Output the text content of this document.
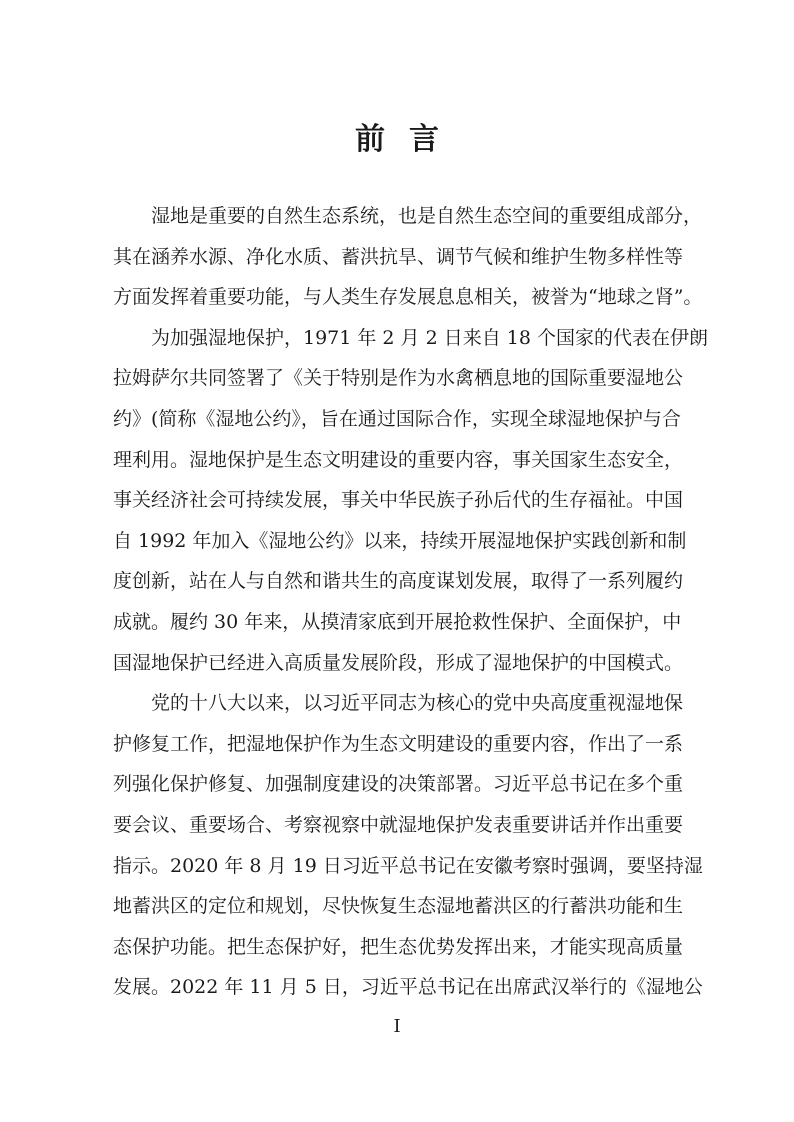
前言
湿地是重要的自然生态系统，也是自然生态空间的重要组成部分，
其在涵养水源、净化水质、蓄洪抗旱、调节气候和维护生物多样性等
方面发挥着重要功能，与人类生存发展息息相关，被誉为“地球之肾”。
为加强湿地保护，1971 年 2 月 2 日来自 18 个国家的代表在伊朗
拉姆萨尔共同签署了《关于特别是作为水禽栖息地的国际重要湿地公
约》(简称《湿地公约》，旨在通过国际合作，实现全球湿地保护与合
理利用。湿地保护是生态文明建设的重要内容，事关国家生态安全，
事关经济社会可持续发展，事关中华民族子孙后代的生存福祉。中国
自 1992 年加入《湿地公约》以来，持续开展湿地保护实践创新和制
度创新，站在人与自然和谐共生的高度谋划发展，取得了一系列履约
成就。履约 30 年来，从摸清家底到开展抢救性保护、全面保护，中
国湿地保护已经进入高质量发展阶段，形成了湿地保护的中国模式。
党的十八大以来，以习近平同志为核心的党中央高度重视湿地保
护修复工作，把湿地保护作为生态文明建设的重要内容，作出了一系
列强化保护修复、加强制度建设的决策部署。习近平总书记在多个重
要会议、重要场合、考察视察中就湿地保护发表重要讲话并作出重要
指示。2020 年 8 月 19 日习近平总书记在安徽考察时强调，要坚持湿
地蓄洪区的定位和规划，尽快恢复生态湿地蓄洪区的行蓄洪功能和生
态保护功能。把生态保护好，把生态优势发挥出来，才能实现高质量
发展。2022 年 11 月 5 日，习近平总书记在出席武汉举行的《湿地公
I
